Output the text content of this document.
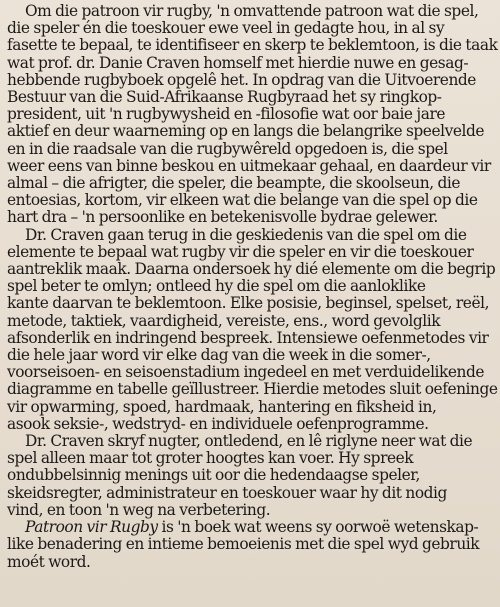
Om die patroon vir rugby, 'n omvattende patroon wat die spel,
die speler én die toeskouer ewe veel in gedagte hou, in al sy
fasette te bepaal, te identifiseer en skerp te beklemtoon, is die taak
wat prof. dr. Danie Craven homself met hierdie nuwe en gesag-
hebbende rugbyboek opgelê het. In opdrag van die Uitvoerende
Bestuur van die Suid-Afrikaanse Rugbyraad het sy ringkop-
president, uit 'n rugbywysheid en -filosofie wat oor baie jare
aktief en deur waarneming op en langs die belangrike speelvelde
en in die raadsale van die rugbywêreld opgedoen is, die spel
weer eens van binne beskou en uitmekaar gehaal, en daardeur vir
almal – die afrigter, die speler, die beampte, die skoolseun, die
entoesias, kortom, vir elkeen wat die belange van die spel op die
hart dra – 'n persoonlike en betekenisvolle bydrae gelewer.

Dr. Craven gaan terug in die geskiedenis van die spel om die
elemente te bepaal wat rugby vir die speler en vir die toeskouer
aantreklik maak. Daarna ondersoek hy dié elemente om die begrip
spel beter te omlyn; ontleed hy die spel om die aanloklike
kante daarvan te beklemtoon. Elke posisie, beginsel, spelset, reël,
metode, taktiek, vaardigheid, vereiste, ens., word gevolglik
afsonderlik en indringend bespreek. Intensiewe oefenmetodes vir
die hele jaar word vir elke dag van die week in die somer-,
voorseisoen- en seisoenstadium ingedeel en met verduidelikende
diagramme en tabelle geïllustreer. Hierdie metodes sluit oefeninge
vir opwarming, spoed, hardmaak, hantering en fiksheid in,
asook seksie-, wedstryd- en individuele oefenprogramme.

Dr. Craven skryf nugter, ontledend, en lê riglyne neer wat die
spel alleen maar tot groter hoogtes kan voer. Hy spreek
ondubbelsinnig menings uit oor die hedendaagse speler,
skeidsregter, administrateur en toeskouer waar hy dit nodig
vind, en toon 'n weg na verbetering.

Patroon vir Rugby is 'n boek wat weens sy oorwoë wetenskap-
like benadering en intieme bemoeienis met die spel wyd gebruik
moét word.
